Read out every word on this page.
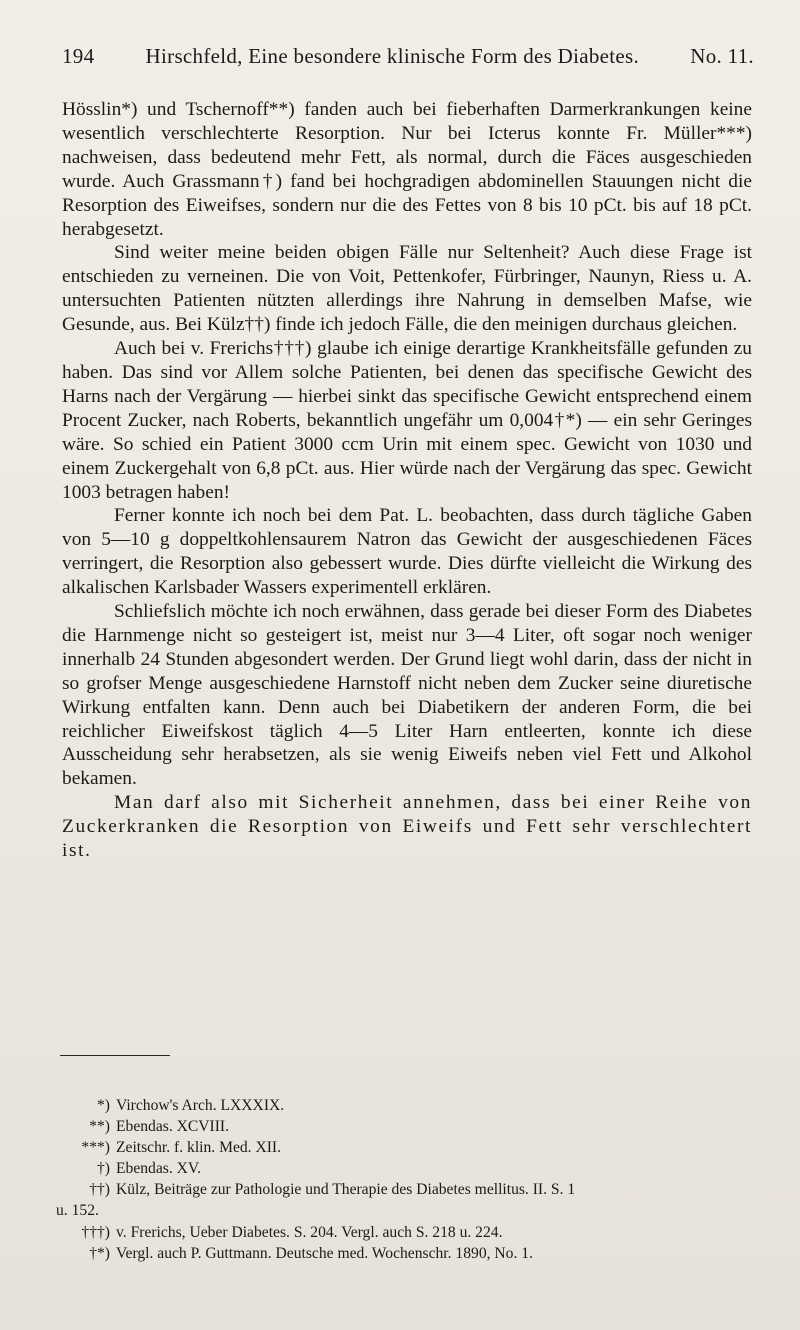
194	Hirschfeld, Eine besondere klinische Form des Diabetes.	No. 11.

Hösslin*) und Tschernoff**) fanden auch bei fieberhaften Darmerkrankungen keine wesentlich verschlechterte Resorption. Nur bei Icterus konnte Fr. Müller***) nachweisen, dass bedeutend mehr Fett, als normal, durch die Fäces ausgeschieden wurde. Auch Grassmann†) fand bei hochgradigen abdominellen Stauungen nicht die Resorption des Eiweifses, sondern nur die des Fettes von 8 bis 10 pCt. bis auf 18 pCt. herabgesetzt.

Sind weiter meine beiden obigen Fälle nur Seltenheit? Auch diese Frage ist entschieden zu verneinen. Die von Voit, Pettenkofer, Fürbringer, Naunyn, Riess u. A. untersuchten Patienten nützten allerdings ihre Nahrung in demselben Mafse, wie Gesunde, aus. Bei Külz††) finde ich jedoch Fälle, die den meinigen durchaus gleichen.

Auch bei v. Frerichs†††) glaube ich einige derartige Krankheitsfälle gefunden zu haben. Das sind vor Allem solche Patienten, bei denen das specifische Gewicht des Harns nach der Vergärung — hierbei sinkt das specifische Gewicht entsprechend einem Procent Zucker, nach Roberts, bekanntlich ungefähr um 0,004†*) — ein sehr Geringes wäre. So schied ein Patient 3000 ccm Urin mit einem spec. Gewicht von 1030 und einem Zuckergehalt von 6,8 pCt. aus. Hier würde nach der Vergärung das spec. Gewicht 1003 betragen haben!

Ferner konnte ich noch bei dem Pat. L. beobachten, dass durch tägliche Gaben von 5—10 g doppeltkohlensaurem Natron das Gewicht der ausgeschiedenen Fäces verringert, die Resorption also gebessert wurde. Dies dürfte vielleicht die Wirkung des alkalischen Karlsbader Wassers experimentell erklären.

Schliefslich möchte ich noch erwähnen, dass gerade bei dieser Form des Diabetes die Harnmenge nicht so gesteigert ist, meist nur 3—4 Liter, oft sogar noch weniger innerhalb 24 Stunden abgesondert werden. Der Grund liegt wohl darin, dass der nicht in so grofser Menge ausgeschiedene Harnstoff nicht neben dem Zucker seine diuretische Wirkung entfalten kann. Denn auch bei Diabetikern der anderen Form, die bei reichlicher Eiweifskost täglich 4—5 Liter Harn entleerten, konnte ich diese Ausscheidung sehr herabsetzen, als sie wenig Eiweifs neben viel Fett und Alkohol bekamen.

Man darf also mit Sicherheit annehmen, dass bei einer Reihe von Zuckerkranken die Resorption von Eiweifs und Fett sehr verschlechtert ist.

*) Virchow's Arch. LXXXIX.
**) Ebendas. XCVIII.
***) Zeitschr. f. klin. Med. XII.
†) Ebendas. XV.
††) Külz, Beiträge zur Pathologie und Therapie des Diabetes mellitus. II. S. 1
u. 152.
†††) v. Frerichs, Ueber Diabetes. S. 204. Vergl. auch S. 218 u. 224.
†*) Vergl. auch P. Guttmann. Deutsche med. Wochenschr. 1890, No. 1.
